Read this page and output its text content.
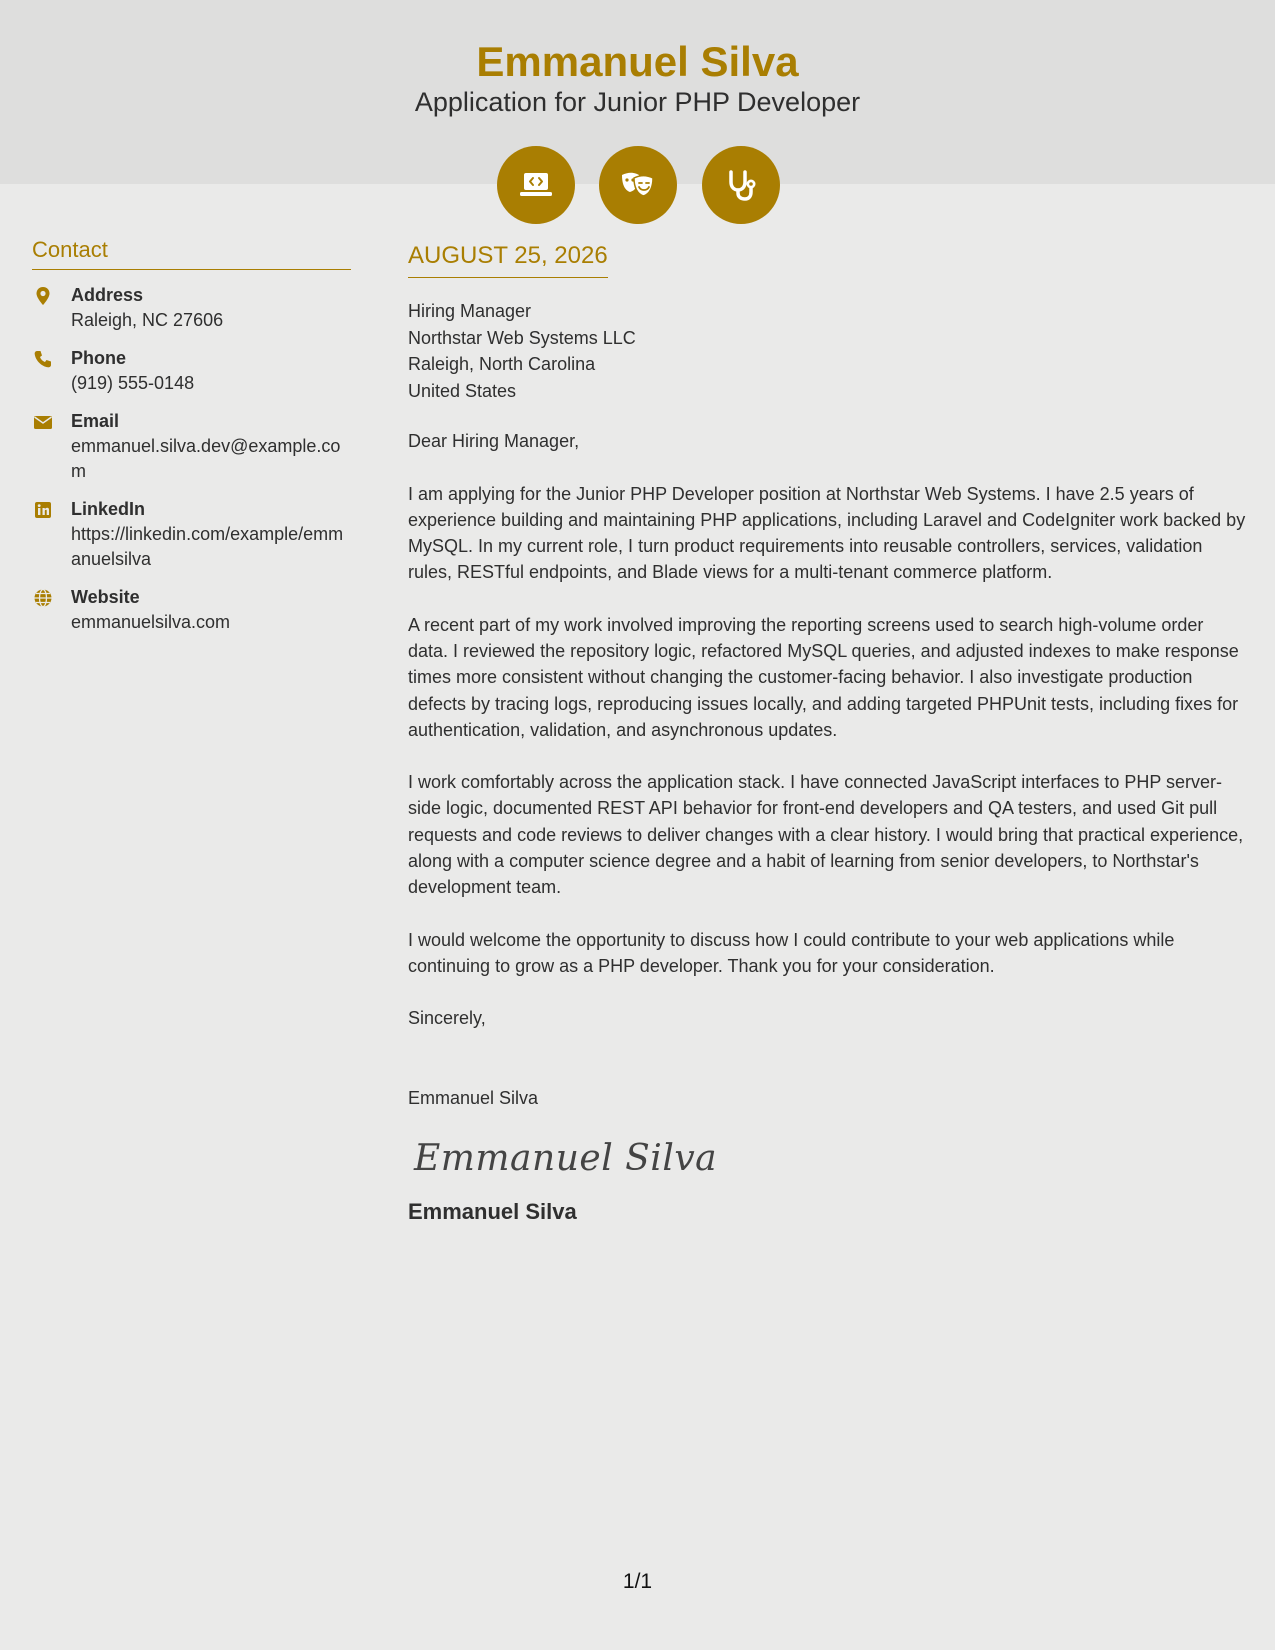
Emmanuel Silva
Application for Junior PHP Developer
Contact
Address
Raleigh, NC 27606
Phone
(919) 555-0148
Email
emmanuel.silva.dev@example.com
LinkedIn
https://linkedin.com/example/emmanuelsilva
Website
emmanuelsilva.com
AUGUST 25, 2026
Hiring Manager
Northstar Web Systems LLC
Raleigh, North Carolina
United States
Dear Hiring Manager,
I am applying for the Junior PHP Developer position at Northstar Web Systems. I have 2.5 years of experience building and maintaining PHP applications, including Laravel and CodeIgniter work backed by MySQL. In my current role, I turn product requirements into reusable controllers, services, validation rules, RESTful endpoints, and Blade views for a multi-tenant commerce platform.
A recent part of my work involved improving the reporting screens used to search high-volume order data. I reviewed the repository logic, refactored MySQL queries, and adjusted indexes to make response times more consistent without changing the customer-facing behavior. I also investigate production defects by tracing logs, reproducing issues locally, and adding targeted PHPUnit tests, including fixes for authentication, validation, and asynchronous updates.
I work comfortably across the application stack. I have connected JavaScript interfaces to PHP server-side logic, documented REST API behavior for front-end developers and QA testers, and used Git pull requests and code reviews to deliver changes with a clear history. I would bring that practical experience, along with a computer science degree and a habit of learning from senior developers, to Northstar's development team.
I would welcome the opportunity to discuss how I could contribute to your web applications while continuing to grow as a PHP developer. Thank you for your consideration.
Sincerely,
Emmanuel Silva
Emmanuel Silva
Emmanuel Silva
1/1
